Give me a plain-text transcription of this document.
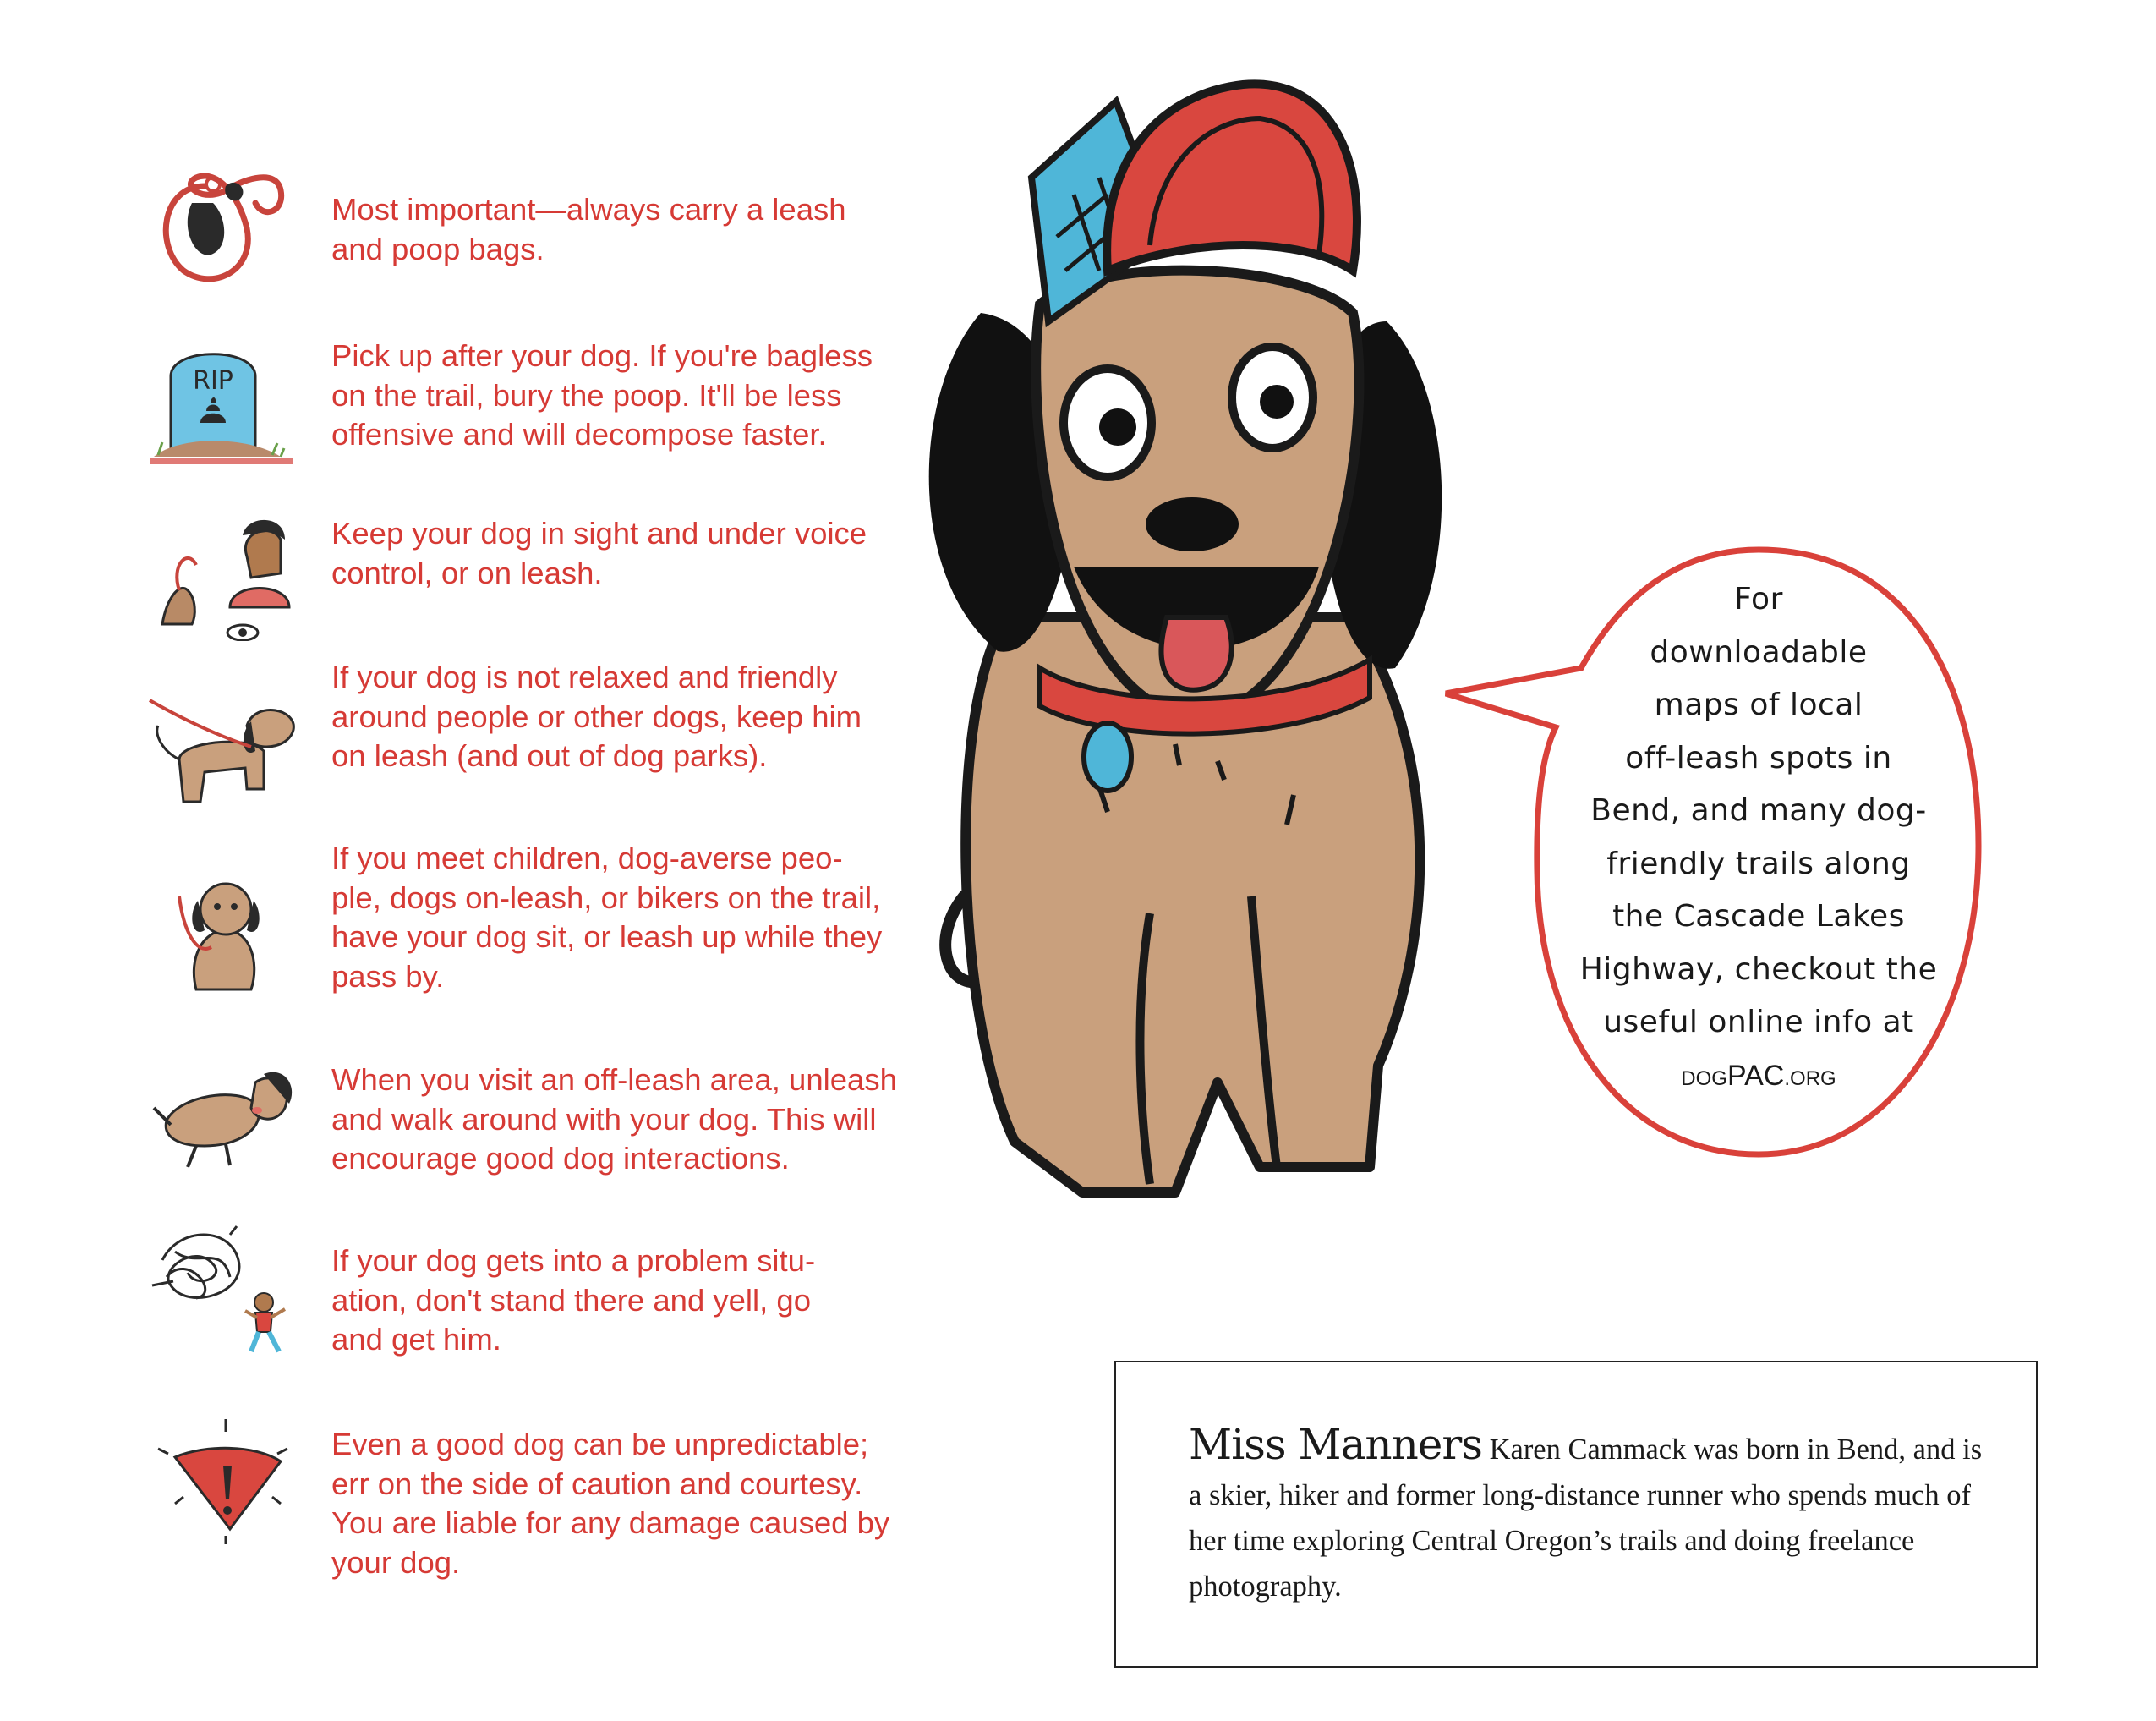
Most important—always carry a leash
and poop bags.

RIP

Pick up after your dog. If you're bagless
on the trail, bury the poop. It'll be less
offensive and will decompose faster.

Keep your dog in sight and under voice
control, or on leash.

If your dog is not relaxed and friendly
around people or other dogs, keep him
on leash (and out of dog parks).

If you meet children, dog-averse peo-
ple, dogs on-leash, or bikers on the trail,
have your dog sit, or leash up while they
pass by.

When you visit an off-leash area, unleash
and walk around with your dog. This will
encourage good dog interactions.

If your dog gets into a problem situ-
ation, don't stand there and yell, go
and get him.

Even a good dog can be unpredictable;
err on the side of caution and courtesy.
You are liable for any damage caused by
your dog.

For
downloadable
maps of local
off-leash spots in
Bend, and many dog-
friendly trails along
the Cascade Lakes
Highway, checkout the
useful online info at
DOGPAC.ORG

Miss Manners Karen Cammack was born in Bend, and is a skier, hiker and former long-distance runner who spends much of her time exploring Central Oregon’s trails and doing freelance photography.
